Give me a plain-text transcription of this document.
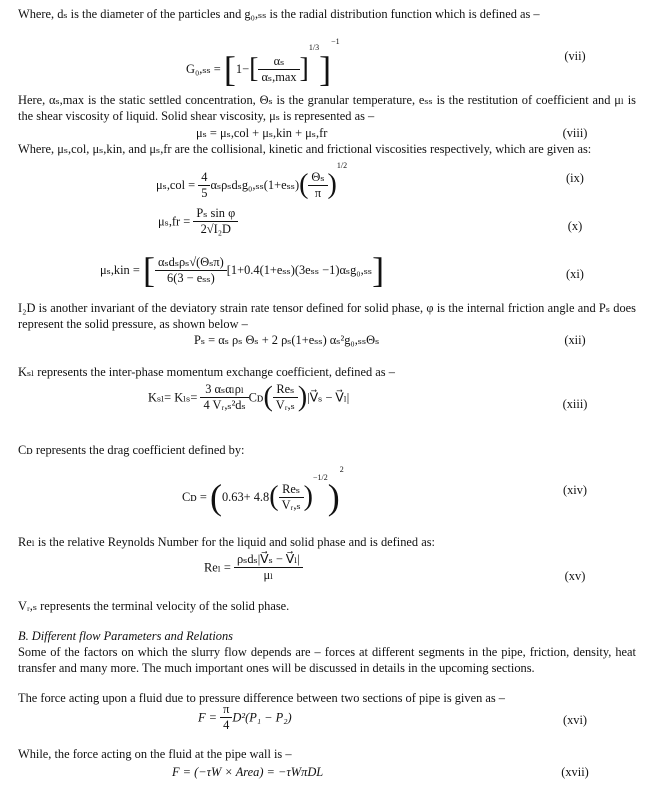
Where, dₛ is the diameter of the particles and g₀,ₛₛ is the radial distribution function which is defined as –
$G_0,_{ss} = [1-[ \frac{\text{αₛ}}{\text{αₛ,max}} ]^{1/3}]^{-1}$
(vii)
Here, αₛ,max is the static settled concentration, Θₛ is the granular temperature, eₛₛ is the restitution of coefficient and μₗ is the shear viscosity of liquid. Solid shear viscosity, μₛ is represented as –
μₛ = μₛ,col + μₛ,kin + μₛ,fr	(viii)
Where, μₛ,col, μₛ,kin, and μₛ,fr are the collisional, kinetic and frictional viscosities respectively, which are given as:
$\mu_s,col = \frac{4}{5} \alpha_s\rho_sd_sg_0,_{ss}(1+e_{ss})( \frac{\text{Θₛ}}{\pi} )^{1/2}$
(ix)
$\mu_s,fr = \frac{\text{Pₛ sin φ}}{\text{2√I₂D}}$	(x)
μₛ,kin = [ $\frac{\text{αₛdₛρₛ√(Θₛπ)}}{\text{6(3 − eₛₛ)}} [1+0.4(1+e_{ss})(3e_{ss} -1)\alpha_sg_0,_{ss}]$	(xi)
I₂D is another invariant of the deviatory strain rate tensor defined for solid phase, φ is the internal friction angle and Pₛ does represent the solid pressure, as shown below –
Pₛ = αₛ ρₛ Θₛ + 2 ρₛ(1+eₛₛ) αₛ²g₀,ₛₛΘₛ	(xii)
Kₛₗ represents the inter-phase momentum exchange coefficient, defined as –
$K_{sl}= K_{ls}= \frac{\text{3 αₛαₗρₗ}}{\text{4 Vᵣ,ₛ²dₛ}}$ Cᴅ( $\frac{\text{Reₛ}}{\text{Vᵣ,ₛ}}$ )|V⃗ₛ − V⃗ₗ|	(xiii)
Cᴅ represents the drag coefficient defined by:
Cᴅ = $(0.63+ 4.8( \frac{\text{Reₛ}}{\text{Vᵣ,ₛ}} )^{-1/2})^2$
(xiv)
Reₗ is the relative Reynolds Number for the liquid and solid phase and is defined as:
$Re_l = \frac{\text{ρₛdₛ|V⃗ₛ − V⃗ₗ|}}{\text{μₗ}}$	(xv)
Vᵣ,ₛ represents the terminal velocity of the solid phase.
B. Different flow Parameters and Relations
Some of the factors on which the slurry flow depends are – forces at different segments in the pipe, friction, density, heat transfer and many more. The much important ones will be discussed in details in the upcoming sections.
The force acting upon a fluid due to pressure difference between two sections of pipe is given as –
$F = \frac{\pi}{4} D^2(P_1 - P_2)$	(xvi)
While, the force acting on the fluid at the pipe wall is –
F = (−τW × Area) = −τWπDL	(xvii)
